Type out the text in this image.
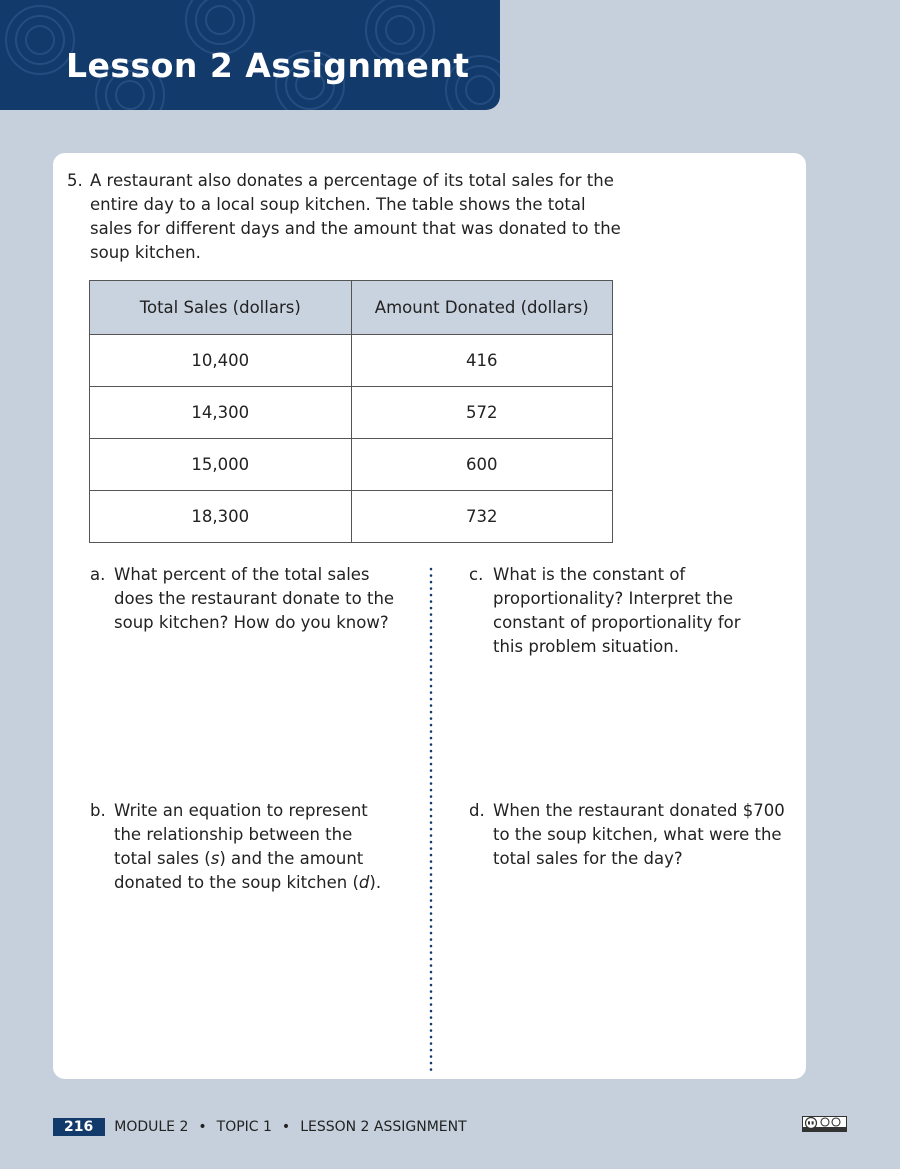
Lesson 2 Assignment
5. A restaurant also donates a percentage of its total sales for the entire day to a local soup kitchen. The table shows the total sales for different days and the amount that was donated to the soup kitchen.
Total Sales (dollars)	Amount Donated (dollars)
10,400	416
14,300	572
15,000	600
18,300	732
a. What percent of the total sales does the restaurant donate to the soup kitchen? How do you know?
c. What is the constant of proportionality? Interpret the constant of proportionality for this problem situation.
b. Write an equation to represent the relationship between the total sales (s) and the amount donated to the soup kitchen (d).
d. When the restaurant donated $700 to the soup kitchen, what were the total sales for the day?
216	MODULE 2 • TOPIC 1 • LESSON 2 ASSIGNMENT
